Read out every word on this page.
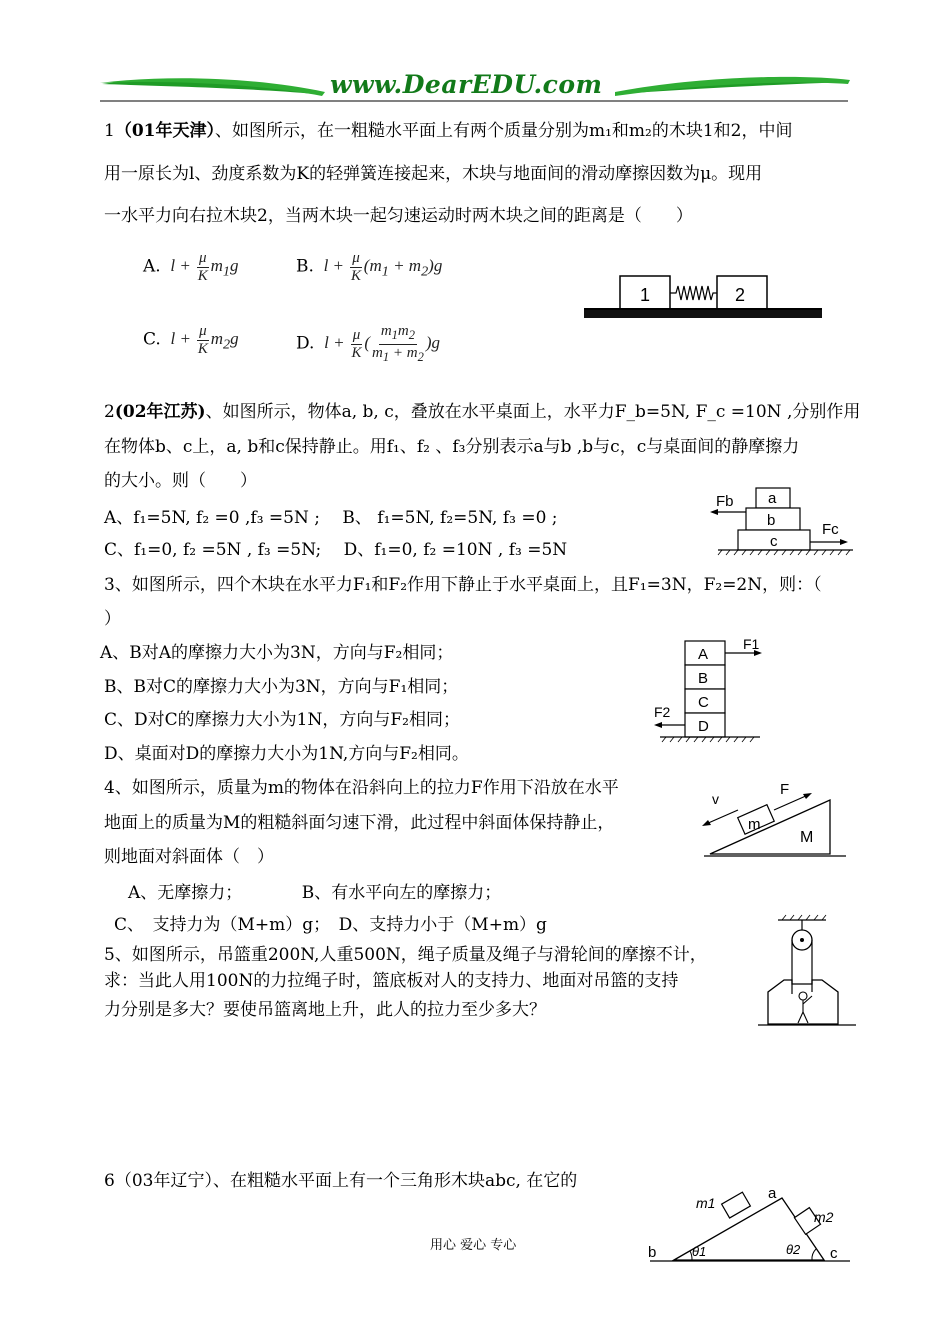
www.DearEDU.com
1（01年天津）、如图所示，在一粗糙水平面上有两个质量分别为m₁和m₂的木块1和2，中间
用一原长为l、劲度系数为K的轻弹簧连接起来，木块与地面间的滑动摩擦因数为μ。现用
一水平力向右拉木块2，当两木块一起匀速运动时两木块之间的距离是（　　）
A.  $l + \frac{\mu}{K} m_1g$	B.  $l + \frac{\mu}{K} (m_1 + m_2)g$
C.  $l + \frac{\mu}{K} m_2g$	D.  $l + \frac{\mu}{K}$ ( $\frac{m_1m_2}{m_1 + m_2} )g$
1	2
2(02年江苏)、如图所示，物体a, b, c，叠放在水平桌面上，水平力F_b=5N, F_c =10N ,分别作用
在物体b、c上，a, b和c保持静止。用f₁、f₂ 、f₃分别表示a与b ,b与c，c与桌面间的静摩擦力
的大小。则（　　）
A、f₁=5N, f₂ =0 ,f₃ =5N ;　 B、 f₁=5N, f₂=5N, f₃ =0 ;
C、f₁=0, f₂ =5N , f₃ =5N;　 D、f₁=0, f₂ =10N , f₃ =5N
a
b
c
Fb
Fc
3、如图所示，四个木块在水平力F₁和F₂作用下静止于水平桌面上，且F₁=3N，F₂=2N，则：（
）
A、B对A的摩擦力大小为3N，方向与F₂相同；
B、B对C的摩擦力大小为3N，方向与F₁相同；
C、D对C的摩擦力大小为1N，方向与F₂相同；
D、桌面对D的摩擦力大小为1N,方向与F₂相同。
A
B
C
D
F1
F2
4、如图所示，质量为m的物体在沿斜向上的拉力F作用下沿放在水平
地面上的质量为M的粗糙斜面匀速下滑，此过程中斜面体保持静止，
则地面对斜面体（　）
A、无摩擦力；　　　　B、有水平向左的摩擦力；
C、　支持力为（M+m）g；　D、支持力小于（M+m）g
m
M
F
v
5、如图所示，吊篮重200N,人重500N，绳子质量及绳子与滑轮间的摩擦不计，
求：当此人用100N的力拉绳子时，篮底板对人的支持力、地面对吊篮的支持
力分别是多大？要使吊篮离地上升，此人的拉力至少多大？
6（03年辽宁）、在粗糙水平面上有一个三角形木块abc, 在它的
m1
m2
a
b	c
θ1	θ2
用心 爱心 专心
